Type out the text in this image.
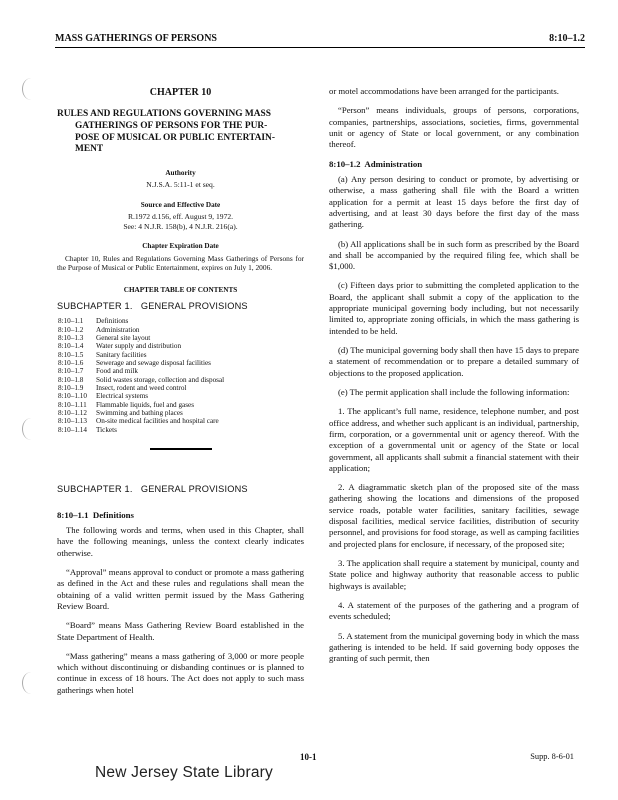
MASS GATHERINGS OF PERSONS	8:10–1.2
CHAPTER 10
RULES AND REGULATIONS GOVERNING MASS
GATHERINGS OF PERSONS FOR THE PUR-
POSE OF MUSICAL OR PUBLIC ENTERTAIN-
MENT
Authority
N.J.S.A. 5:11-1 et seq.
Source and Effective Date
R.1972 d.156, eff. August 9, 1972.
See: 4 N.J.R. 158(b), 4 N.J.R. 216(a).
Chapter Expiration Date
Chapter 10, Rules and Regulations Governing Mass Gatherings of Persons for the Purpose of Musical or Public Entertainment, expires on July 1, 2006.
CHAPTER TABLE OF CONTENTS
SUBCHAPTER 1.   GENERAL PROVISIONS
8:10–1.1	Definitions
8:10–1.2	Administration
8:10–1.3	General site layout
8:10–1.4	Water supply and distribution
8:10–1.5	Sanitary facilities
8:10–1.6	Sewerage and sewage disposal facilities
8:10–1.7	Food and milk
8:10–1.8	Solid wastes storage, collection and disposal
8:10–1.9	Insect, rodent and weed control
8:10–1.10	Electrical systems
8:10–1.11	Flammable liquids, fuel and gases
8:10–1.12	Swimming and bathing places
8:10–1.13	On-site medical facilities and hospital care
8:10–1.14	Tickets
SUBCHAPTER 1.   GENERAL PROVISIONS
8:10–1.1  Definitions

The following words and terms, when used in this Chapter, shall have the following meanings, unless the context clearly indicates otherwise.

“Approval” means approval to conduct or promote a mass gathering as defined in the Act and these rules and regulations shall mean the obtaining of a valid written permit issued by the Mass Gathering Review Board.

“Board” means Mass Gathering Review Board established in the State Department of Health.

“Mass gathering” means a mass gathering of 3,000 or more people which without discontinuing or disbanding continues or is planned to continue in excess of 18 hours. The Act does not apply to such mass gatherings when hotel

or motel accommodations have been arranged for the participants.

“Person” means individuals, groups of persons, corporations, companies, partnerships, associations, societies, firms, governmental unit or agency of State or local government, or any combination thereof.

8:10–1.2  Administration

(a) Any person desiring to conduct or promote, by advertising or otherwise, a mass gathering shall file with the Board a written application for a permit at least 15 days before the first day of advertising, and at least 30 days before the first day of the mass gathering.

(b) All applications shall be in such form as prescribed by the Board and shall be accompanied by the required filing fee, which shall be $1,000.

(c) Fifteen days prior to submitting the completed application to the Board, the applicant shall submit a copy of the application to the appropriate municipal governing body including, but not necessarily limited to, appropriate zoning officials, in which the mass gathering is intended to be held.

(d) The municipal governing body shall then have 15 days to prepare a statement of recommendation or to prepare a detailed summary of objections to the proposed application.

(e) The permit application shall include the following information:

1. The applicant’s full name, residence, telephone number, and post office address, and whether such applicant is an individual, partnership, firm, corporation, or a governmental unit or agency thereof. With the exception of a governmental unit or agency of the State or local government, all applicants shall submit a financial statement with their application;

2. A diagrammatic sketch plan of the proposed site of the mass gathering showing the locations and dimensions of the proposed service roads, potable water facilities, sanitary facilities, sewage disposal facilities, medical service facilities, distribution of security personnel, and provisions for food storage, as well as camping facilities and projected plans for enclosure, if necessary, of the proposed site;

3. The application shall require a statement by municipal, county and State police and highway authority that reasonable access to public highways is available;

4. A statement of the purposes of the gathering and a program of events scheduled;

5. A statement from the municipal governing body in which the mass gathering is intended to be held. If said governing body opposes the granting of such permit, then

10-1	Supp. 8-6-01
New Jersey State Library
